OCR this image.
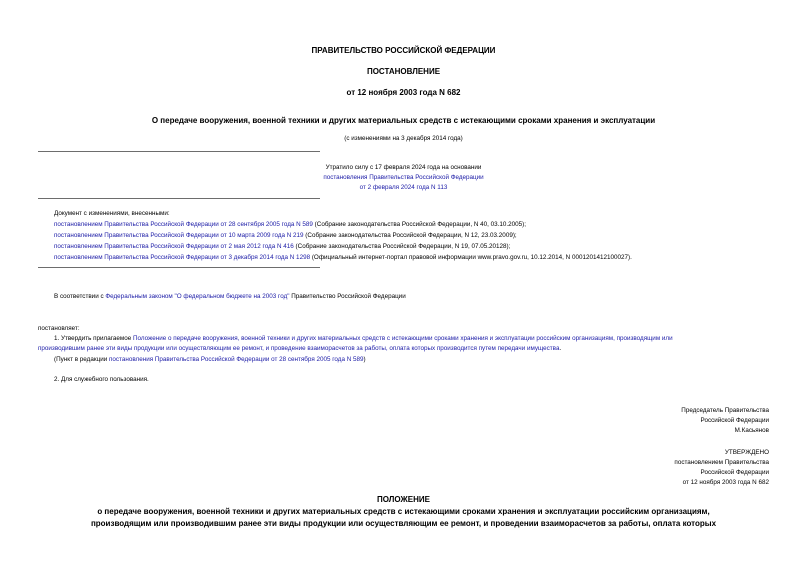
ПРАВИТЕЛЬСТВО РОССИЙСКОЙ ФЕДЕРАЦИИ
ПОСТАНОВЛЕНИЕ
от 12 ноября 2003 года N 682
О передаче вооружения, военной техники и других материальных средств с истекающими сроками хранения и эксплуатации
(с изменениями на 3 декабря 2014 года)
Утратило силу с 17 февраля 2024 года на основании
постановления Правительства Российской Федерации
от 2 февраля 2024 года N 113
Документ с изменениями, внесенными:
постановлением Правительства Российской Федерации от 28 сентября 2005 года N 589 (Собрание законодательства Российской Федерации, N 40, 03.10.2005);
постановлением Правительства Российской Федерации от 10 марта 2009 года N 219 (Собрание законодательства Российской Федерации, N 12, 23.03.2009);
постановлением Правительства Российской Федерации от 2 мая 2012 года N 416 (Собрание законодательства Российской Федерации, N 19, 07.05.20128);
постановлением Правительства Российской Федерации от 3 декабря 2014 года N 1298 (Официальный интернет-портал правовой информации www.pravo.gov.ru, 10.12.2014, N 0001201412100027).
В соответствии с Федеральным законом "О федеральном бюджете на 2003 год" Правительство Российской Федерации
постановляет:
1. Утвердить прилагаемое Положение о передаче вооружения, военной техники и других материальных средств с истекающими сроками хранения и эксплуатации российским организациям, производящим или
производившим ранее эти виды продукции или осуществляющим ее ремонт, и проведение взаиморасчетов за работы, оплата которых производится путем передачи имущества.
(Пункт в редакции постановления Правительства Российской Федерации от 28 сентября 2005 года N 589)
2. Для служебного пользования.
Председатель Правительства
Российской Федерации
М.Касьянов
УТВЕРЖДЕНО
постановлением Правительства
Российской Федерации
от 12 ноября 2003 года N 682
ПОЛОЖЕНИЕ
о передаче вооружения, военной техники и других материальных средств с истекающими сроками хранения и эксплуатации российским организациям,
производящим или производившим ранее эти виды продукции или осуществляющим ее ремонт, и проведении взаиморасчетов за работы, оплата которых
